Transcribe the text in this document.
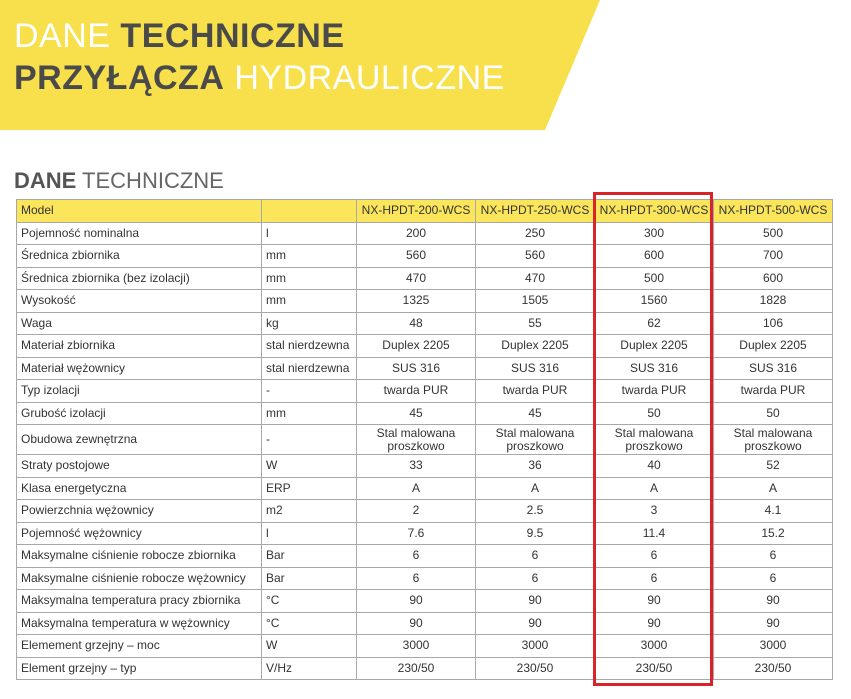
DANE TECHNICZNE
PRZYŁĄCZA HYDRAULICZNE
DANE TECHNICZNE
Model		NX-HPDT-200-WCS	NX-HPDT-250-WCS	NX-HPDT-300-WCS	NX-HPDT-500-WCS
Pojemność nominalna	l	200	250	300	500
Średnica zbiornika	mm	560	560	600	700
Średnica zbiornika (bez izolacji)	mm	470	470	500	600
Wysokość	mm	1325	1505	1560	1828
Waga	kg	48	55	62	106
Materiał zbiornika	stal nierdzewna	Duplex 2205	Duplex 2205	Duplex 2205	Duplex 2205
Materiał wężownicy	stal nierdzewna	SUS 316	SUS 316	SUS 316	SUS 316
Typ izolacji	-	twarda PUR	twarda PUR	twarda PUR	twarda PUR
Grubość izolacji	mm	45	45	50	50
Obudowa zewnętrzna	-	Stal malowana proszkowo	Stal malowana proszkowo	Stal malowana proszkowo	Stal malowana proszkowo
Straty postojowe	W	33	36	40	52
Klasa energetyczna	ERP	A	A	A	A
Powierzchnia wężownicy	m2	2	2.5	3	4.1
Pojemność wężownicy	l	7.6	9.5	11.4	15.2
Maksymalne ciśnienie robocze zbiornika	Bar	6	6	6	6
Maksymalne ciśnienie robocze wężownicy	Bar	6	6	6	6
Maksymalna temperatura pracy zbiornika	°C	90	90	90	90
Maksymalna temperatura w wężownicy	°C	90	90	90	90
Elemement grzejny – moc	W	3000	3000	3000	3000
Element grzejny – typ	V/Hz	230/50	230/50	230/50	230/50
